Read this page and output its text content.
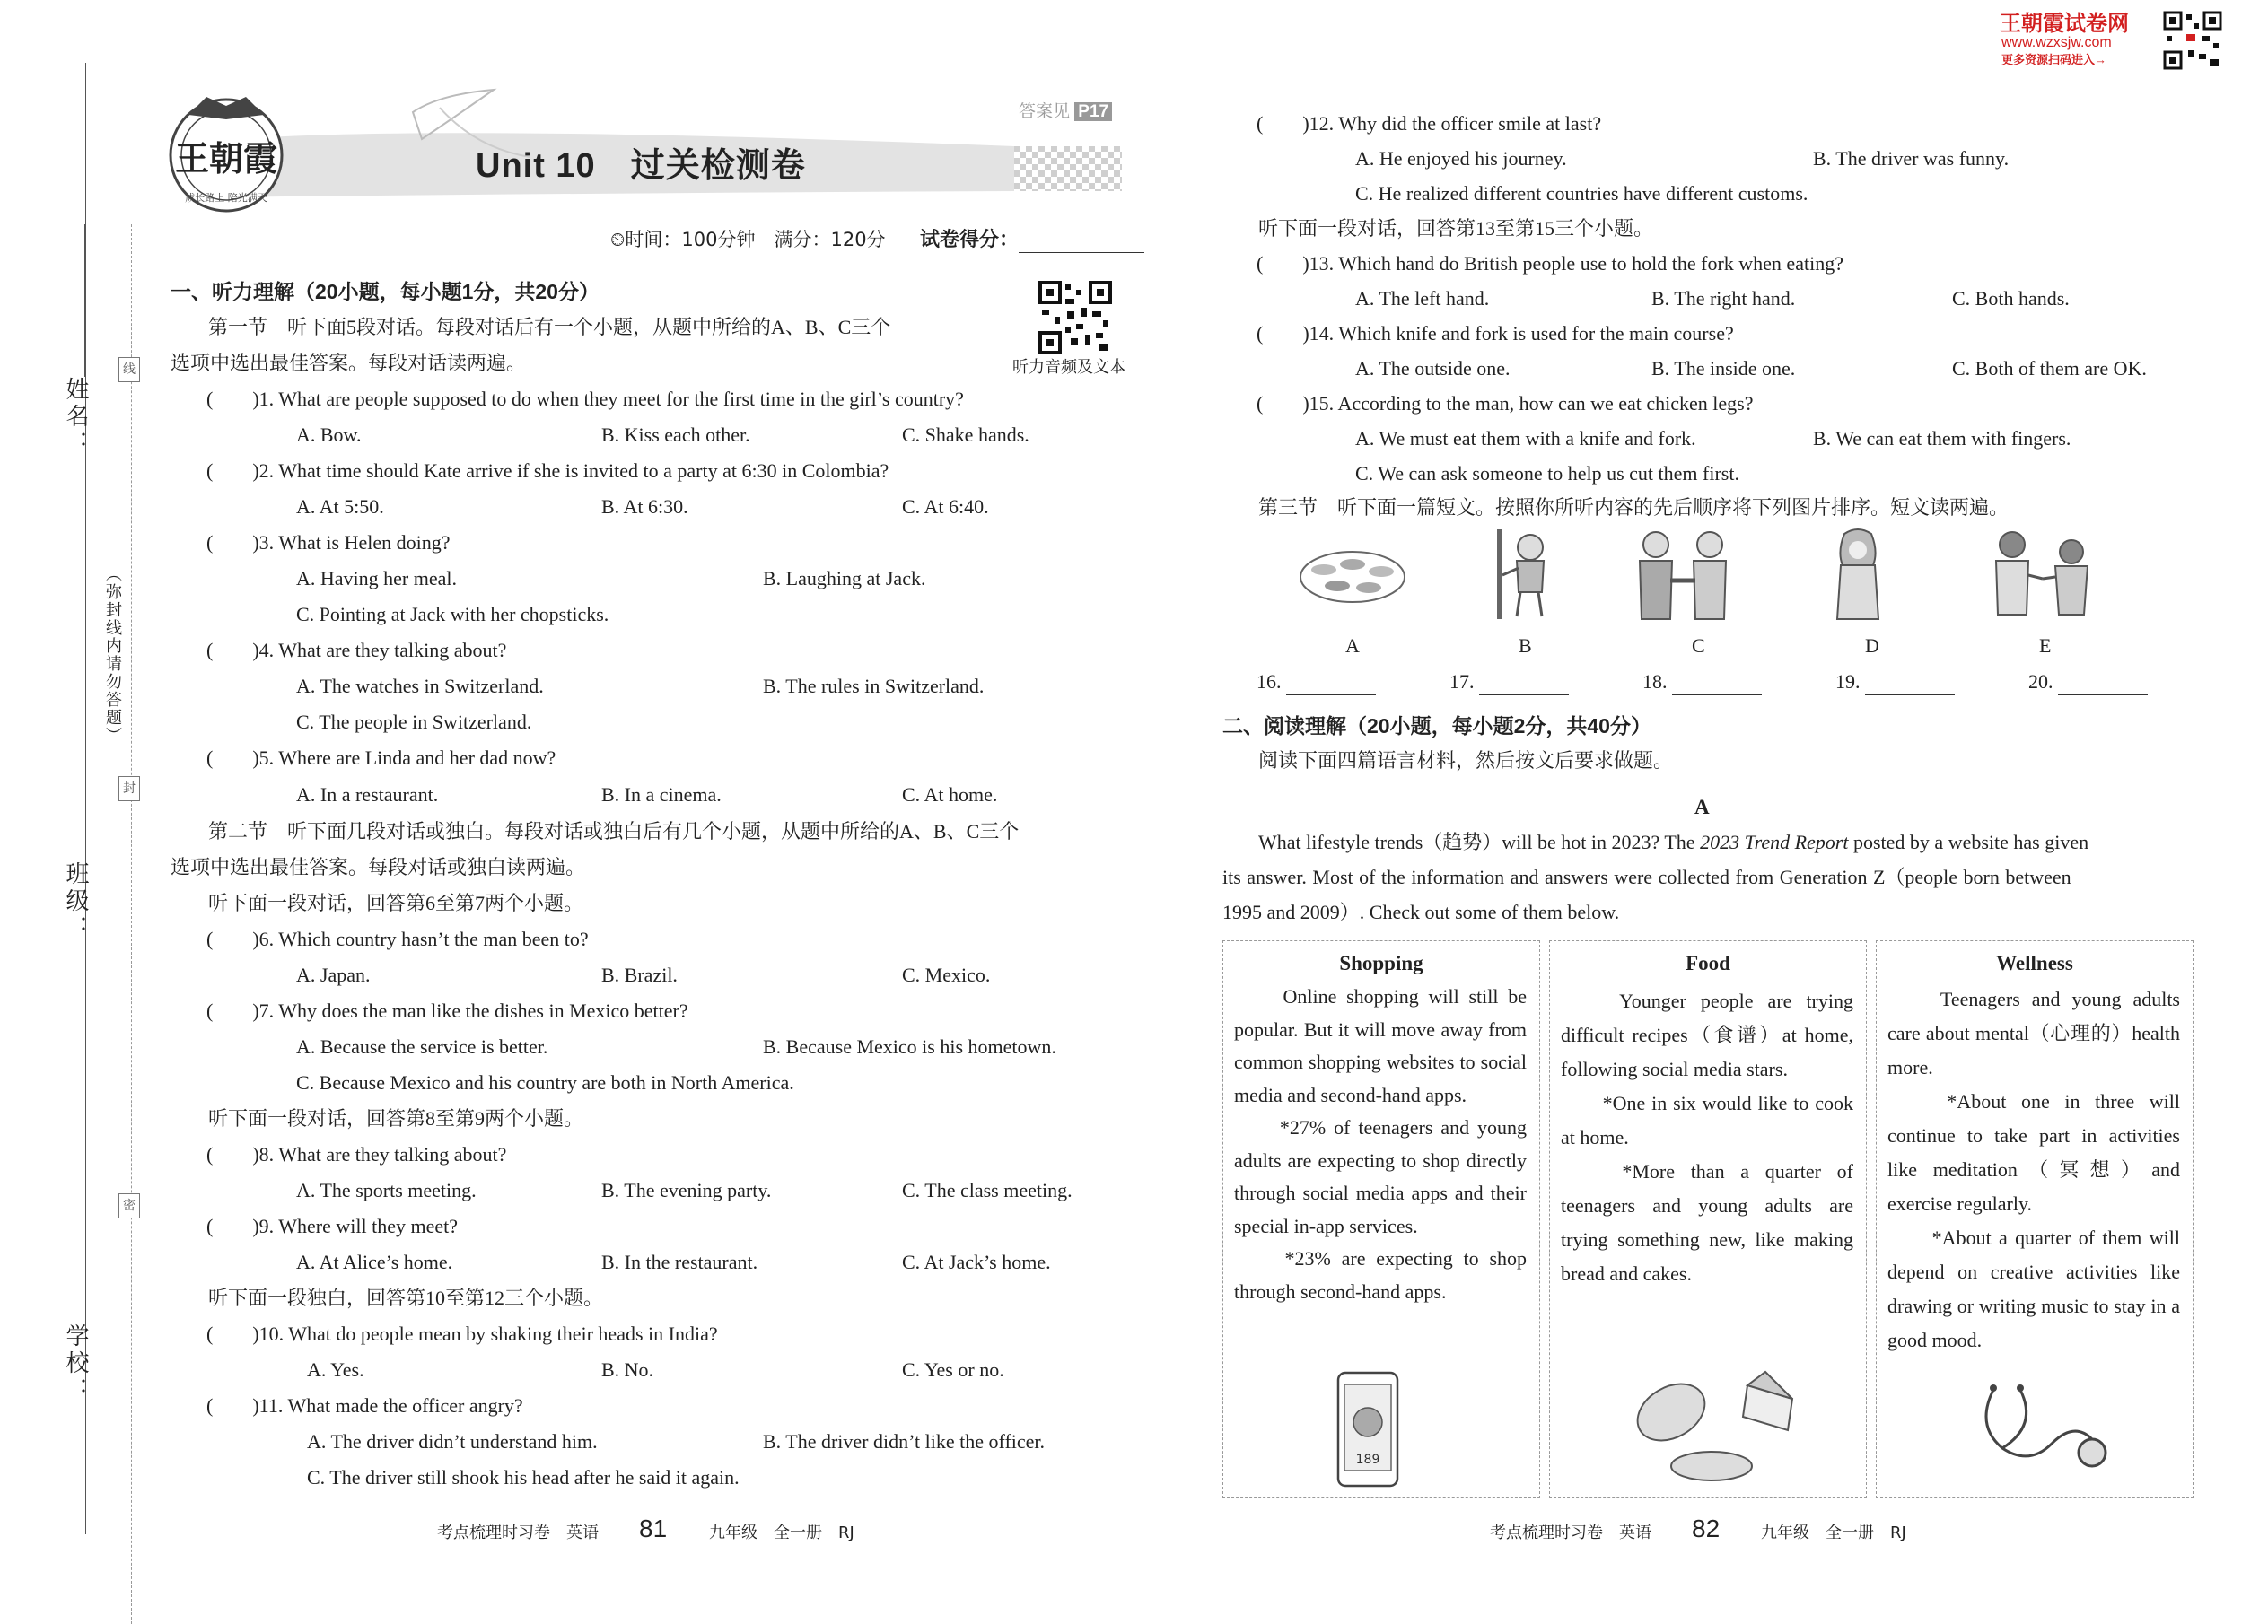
姓名：
班级：
学校：
（弥封线内请勿答题）
线
封
密
王朝霞
成长路上 陪光满天
答案见 P17
Unit 10　过关检测卷
⏲时间：100分钟　满分：120分 试卷得分：
听力音频及文本
一、听力理解（20小题，每小题1分，共20分）
第一节　听下面5段对话。每段对话后有一个小题，从题中所给的A、B、C三个
选项中选出最佳答案。每段对话读两遍。
(　　)1. What are people supposed to do when they meet for the first time in the girl’s country?
A. Bow.	B. Kiss each other.	C. Shake hands.
(　　)2. What time should Kate arrive if she is invited to a party at 6:30 in Colombia?
A. At 5:50.	B. At 6:30.	C. At 6:40.
(　　)3. What is Helen doing?
A. Having her meal.	B. Laughing at Jack.
C. Pointing at Jack with her chopsticks.
(　　)4. What are they talking about?
A. The watches in Switzerland.	B. The rules in Switzerland.
C. The people in Switzerland.
(　　)5. Where are Linda and her dad now?
A. In a restaurant.	B. In a cinema.	C. At home.
第二节　听下面几段对话或独白。每段对话或独白后有几个小题，从题中所给的A、B、C三个
选项中选出最佳答案。每段对话或独白读两遍。
听下面一段对话，回答第6至第7两个小题。
(　　)6. Which country hasn’t the man been to?
A. Japan.	B. Brazil.	C. Mexico.
(　　)7. Why does the man like the dishes in Mexico better?
A. Because the service is better.	B. Because Mexico is his hometown.
C. Because Mexico and his country are both in North America.
听下面一段对话，回答第8至第9两个小题。
(　　)8. What are they talking about?
A. The sports meeting.	B. The evening party.	C. The class meeting.
(　　)9. Where will they meet?
A. At Alice’s home.	B. In the restaurant.	C. At Jack’s home.
听下面一段独白，回答第10至第12三个小题。
(　　)10. What do people mean by shaking their heads in India?
A. Yes.	B. No.	C. Yes or no.
(　　)11. What made the officer angry?
A. The driver didn’t understand him.	B. The driver didn’t like the officer.
C. The driver still shook his head after he said it again.
考点梳理时习卷　英语 81	九年级　全一册　RJ
王朝霞试卷网
www.wzxsjw.com
更多资源扫码进入→
(　　)12. Why did the officer smile at last?
A. He enjoyed his journey.	B. The driver was funny.
C. He realized different countries have different customs.
听下面一段对话，回答第13至第15三个小题。
(　　)13. Which hand do British people use to hold the fork when eating?
A. The left hand.	B. The right hand.	C. Both hands.
(　　)14. Which knife and fork is used for the main course?
A. The outside one.	B. The inside one.	C. Both of them are OK.
(　　)15. According to the man, how can we eat chicken legs?
A. We must eat them with a knife and fork.	B. We can eat them with fingers.
C. We can ask someone to help us cut them first.
第三节　听下面一篇短文。按照你所听内容的先后顺序将下列图片排序。短文读两遍。
A	B	C	D	E
16.	17.	18.	19.	20.
二、阅读理解（20小题，每小题2分，共40分）
阅读下面四篇语言材料，然后按文后要求做题。
A
What lifestyle trends（趋势）will be hot in 2023? The 2023 Trend Report posted by a website has given
its answer. Most of the information and answers were collected from Generation Z（people born between
1995 and 2009）. Check out some of them below.
Shopping
　　Online shopping will still be popular. But it will move away from common shopping websites to social media and second-hand apps.
　　*27% of teenagers and young adults are expecting to shop directly through social media apps and their special in-app services.
　　*23% are expecting to shop through second-hand apps.
189
Food
　　Younger people are trying difficult recipes（食谱）at home, following social media stars.
　　*One in six would like to cook at home.
　　*More than a quarter of teenagers and young adults are trying something new, like making bread and cakes.
Wellness
　　Teenagers and young adults care about mental（心理的）health more.
　　*About one in three will continue to take part in activities like meditation（冥想）and exercise regularly.
　　*About a quarter of them will depend on creative activities like drawing or writing music to stay in a good mood.
考点梳理时习卷　英语 82	九年级　全一册　RJ
